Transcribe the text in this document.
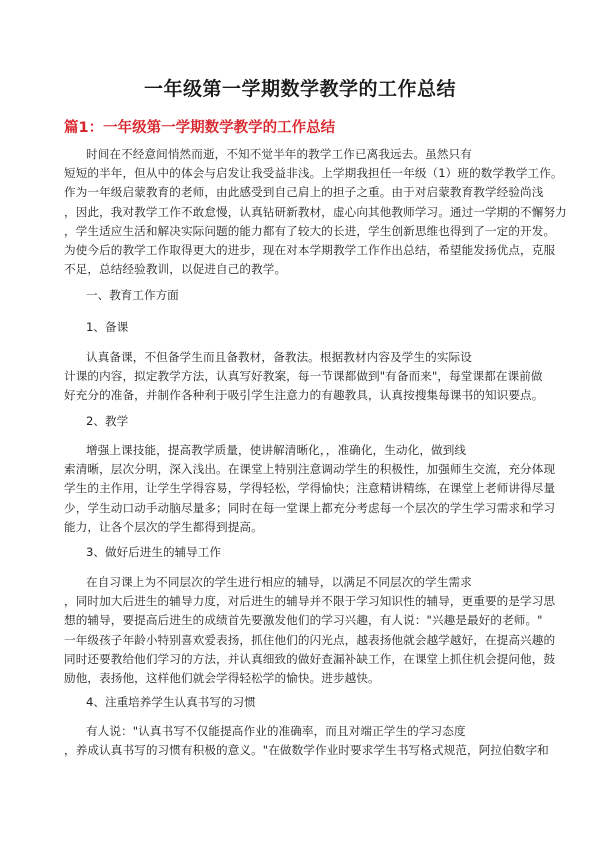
一年级第一学期数学教学的工作总结
篇1：一年级第一学期数学教学的工作总结
时间在不经意间悄然而逝，不知不觉半年的教学工作已离我远去。虽然只有
短短的半年，但从中的体会与启发让我受益非浅。上学期我担任一年级（1）班的数学教学工作。
作为一年级启蒙教育的老师，由此感受到自己肩上的担子之重。由于对启蒙教育教学经验尚浅
，因此，我对教学工作不敢怠慢，认真钻研新教材，虚心向其他教师学习。通过一学期的不懈努力
，学生适应生活和解决实际问题的能力都有了较大的长进，学生创新思维也得到了一定的开发。
为使今后的教学工作取得更大的进步，现在对本学期教学工作作出总结，希望能发扬优点，克服
不足，总结经验教训，以促进自己的教学。
一、教育工作方面
1、备课
认真备课，不但备学生而且备教材，备教法。根据教材内容及学生的实际设
计课的内容，拟定教学方法，认真写好教案，每一节课都做到"有备而来"，每堂课都在课前做
好充分的准备，并制作各种利于吸引学生注意力的有趣教具，认真按搜集每课书的知识要点。
2、教学
增强上课技能，提高教学质量，使讲解清晰化，，准确化，生动化，做到线
索清晰，层次分明，深入浅出。在课堂上特别注意调动学生的积极性，加强师生交流，充分体现
学生的主作用，让学生学得容易，学得轻松，学得愉快；注意精讲精练，在课堂上老师讲得尽量
少，学生动口动手动脑尽量多；同时在每一堂课上都充分考虑每一个层次的学生学习需求和学习
能力，让各个层次的学生都得到提高。
3、做好后进生的辅导工作
在自习课上为不同层次的学生进行相应的辅导，以满足不同层次的学生需求
，同时加大后进生的辅导力度，对后进生的辅导并不限于学习知识性的辅导，更重要的是学习思
想的辅导，要提高后进生的成绩首先要激发他们的学习兴趣，有人说："兴趣是最好的老师。"
一年级孩子年龄小特别喜欢爱表扬，抓住他们的闪光点，越表扬他就会越学越好，在提高兴趣的
同时还要教给他们学习的方法，并认真细致的做好查漏补缺工作，在课堂上抓住机会提问他，鼓
励他，表扬他，这样他们就会学得轻松学的愉快。进步越快。
4、注重培养学生认真书写的习惯
有人说："认真书写不仅能提高作业的准确率，而且对端正学生的学习态度
，养成认真书写的习惯有积极的意义。"在做数学作业时要求学生书写格式规范，阿拉伯数字和
